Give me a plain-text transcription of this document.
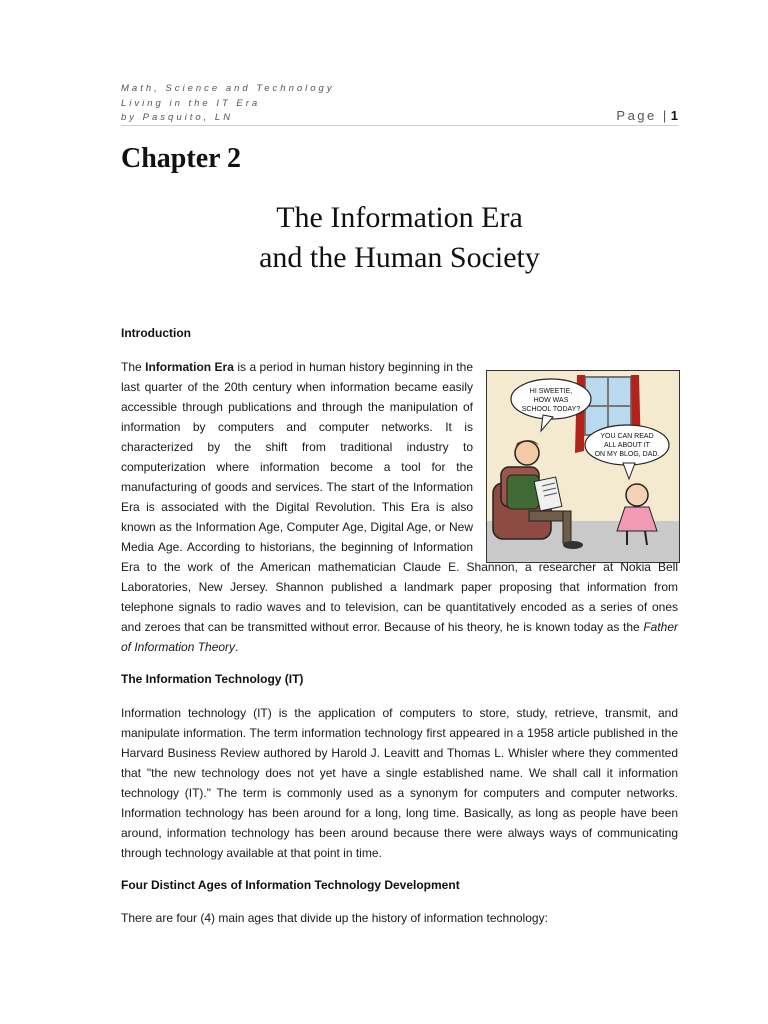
Math, Science and Technology
Living in the IT Era
by Pasquito, LN	Page | 1
Chapter 2
The Information Era
and the Human Society
Introduction
HI SWEETIE,
HOW WAS
SCHOOL TODAY?
YOU CAN READ
ALL ABOUT IT
ON MY BLOG, DAD.

The Information Era is a period in human history beginning in the last quarter of the 20th century when information became easily accessible through publications and through the manipulation of information by computers and computer networks. It is characterized by the shift from traditional industry to computerization where information become a tool for the manufacturing of goods and services. The start of the Information Era is associated with the Digital Revolution. This Era is also known as the Information Age, Computer Age, Digital Age, or New Media Age. According to historians, the beginning of Information Era to the work of the American mathematician Claude E. Shannon, a researcher at Nokia Bell Laboratories, New Jersey. Shannon published a landmark paper proposing that information from telephone signals to radio waves and to television, can be quantitatively encoded as a series of ones and zeroes that can be transmitted without error. Because of his theory, he is known today as the Father of Information Theory.

The Information Technology (IT)

Information technology (IT) is the application of computers to store, study, retrieve, transmit, and manipulate information. The term information technology first appeared in a 1958 article published in the Harvard Business Review authored by Harold J. Leavitt and Thomas L. Whisler where they commented that "the new technology does not yet have a single established name. We shall call it information technology (IT)." The term is commonly used as a synonym for computers and computer networks. Information technology has been around for a long, long time. Basically, as long as people have been around, information technology has been around because there were always ways of communicating through technology available at that point in time.

Four Distinct Ages of Information Technology Development

There are four (4) main ages that divide up the history of information technology:
